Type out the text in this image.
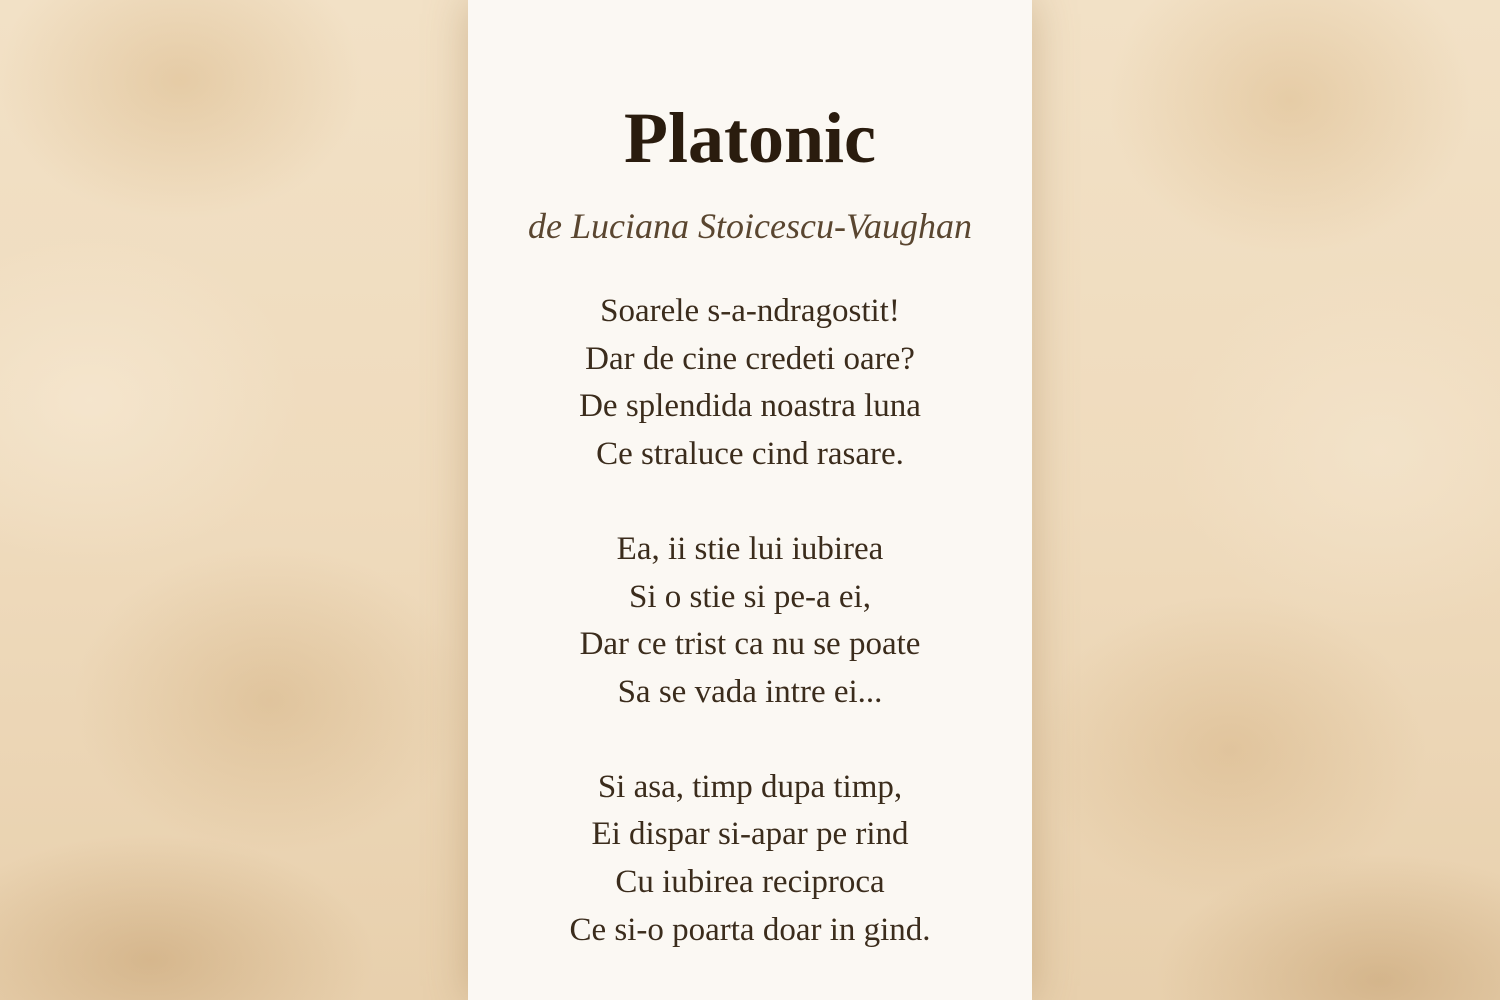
Platonic

de Luciana Stoicescu-Vaughan

Soarele s-a-ndragostit!
Dar de cine credeti oare?
De splendida noastra luna
Ce straluce cind rasare.
Ea, ii stie lui iubirea
Si o stie si pe-a ei,
Dar ce trist ca nu se poate
Sa se vada intre ei...
Si asa, timp dupa timp,
Ei dispar si-apar pe rind
Cu iubirea reciproca
Ce si-o poarta doar in gind.
